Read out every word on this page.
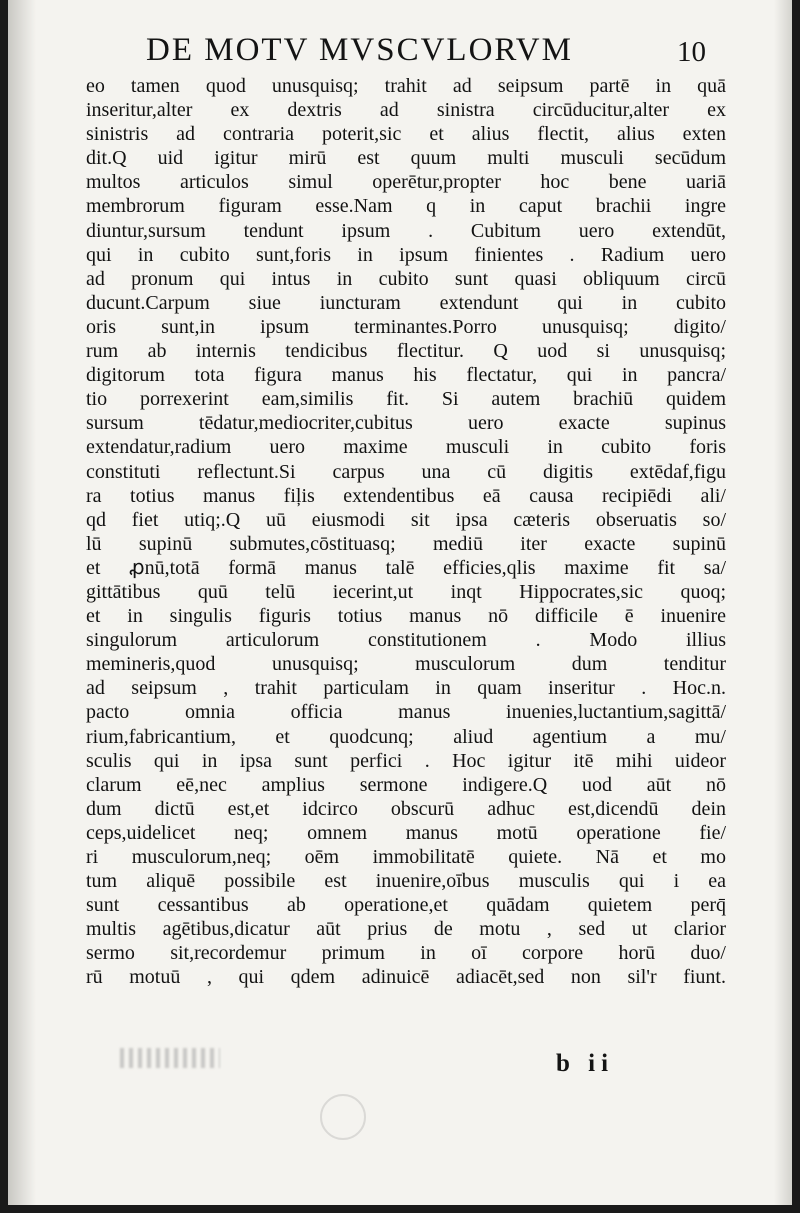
DE MOTV MVSCVLORVM	10
eo tamen quod unusquisq; trahit ad seipsum partē in quā
inseritur,alter ex dextris ad sinistra circūducitur,alter ex
sinistris ad contraria poterit,sic et alius flectit, alius exten
dit.Q uid igitur mirū est quum multi musculi secūdum
multos articulos simul operētur,propter hoc bene uariā
membrorum figuram esse.Nam q in caput brachii ingre
diuntur,sursum tendunt ipsum . Cubitum uero extendūt,
qui in cubito sunt,foris in ipsum finientes . Radium uero
ad pronum qui intus in cubito sunt quasi obliquum circū
ducunt.Carpum siue iuncturam extendunt qui in cubito
oris sunt,in ipsum terminantes.Porro unusquisq; digito/
rum ab internis tendicibus flectitur. Q uod si unusquisq;
digitorum tota figura manus his flectatur, qui in pancra/
tio porrexerint eam,similis fit. Si autem brachiū quidem
sursum tēdatur,mediocriter,cubitus uero exacte supinus
extendatur,radium uero maxime musculi in cubito foris
constituti reflectunt.Si carpus una cū digitis extēdaf,figu
ra totius manus fiļis extendentibus eā causa recipiēdi ali/
qd fiet utiq;.Q uū eiusmodi sit ipsa cæteris obseruatis so/
lū supinū submutes,cōstituasq; mediū iter exacte supinū
et ꝓnū,totā formā manus talē efficies,qlis maxime fit sa/
gittātibus quū telū iecerint,ut inqt Hippocrates,sic quoq;
et in singulis figuris totius manus nō difficile ē inuenire
singulorum articulorum constitutionem . Modo illius
memineris,quod unusquisq; musculorum dum tenditur
ad seipsum , trahit particulam in quam inseritur . Hoc.n.
pacto omnia officia manus inuenies,luctantium,sagittā/
rium,fabricantium, et quodcunq; aliud agentium a mu/
sculis qui in ipsa sunt perfici . Hoc igitur itē mihi uideor
clarum eē,nec amplius sermone indigere.Q uod aūt nō
dum dictū est,et idcirco obscurū adhuc est,dicendū dein
ceps,uidelicet neq; omnem manus motū operatione fie/
ri musculorum,neq; oēm immobilitatē quiete. Nā et mo
tum aliquē possibile est inuenire,oībus musculis qui i ea
sunt cessantibus ab operatione,et quādam quietem perq̄
multis agētibus,dicatur aūt prius de motu , sed ut clarior
sermo sit,recordemur primum in oī corpore horū duo/
rū motuū , qui qdem adinuicē adiacēt,sed non sil'r fiunt.
b ii
